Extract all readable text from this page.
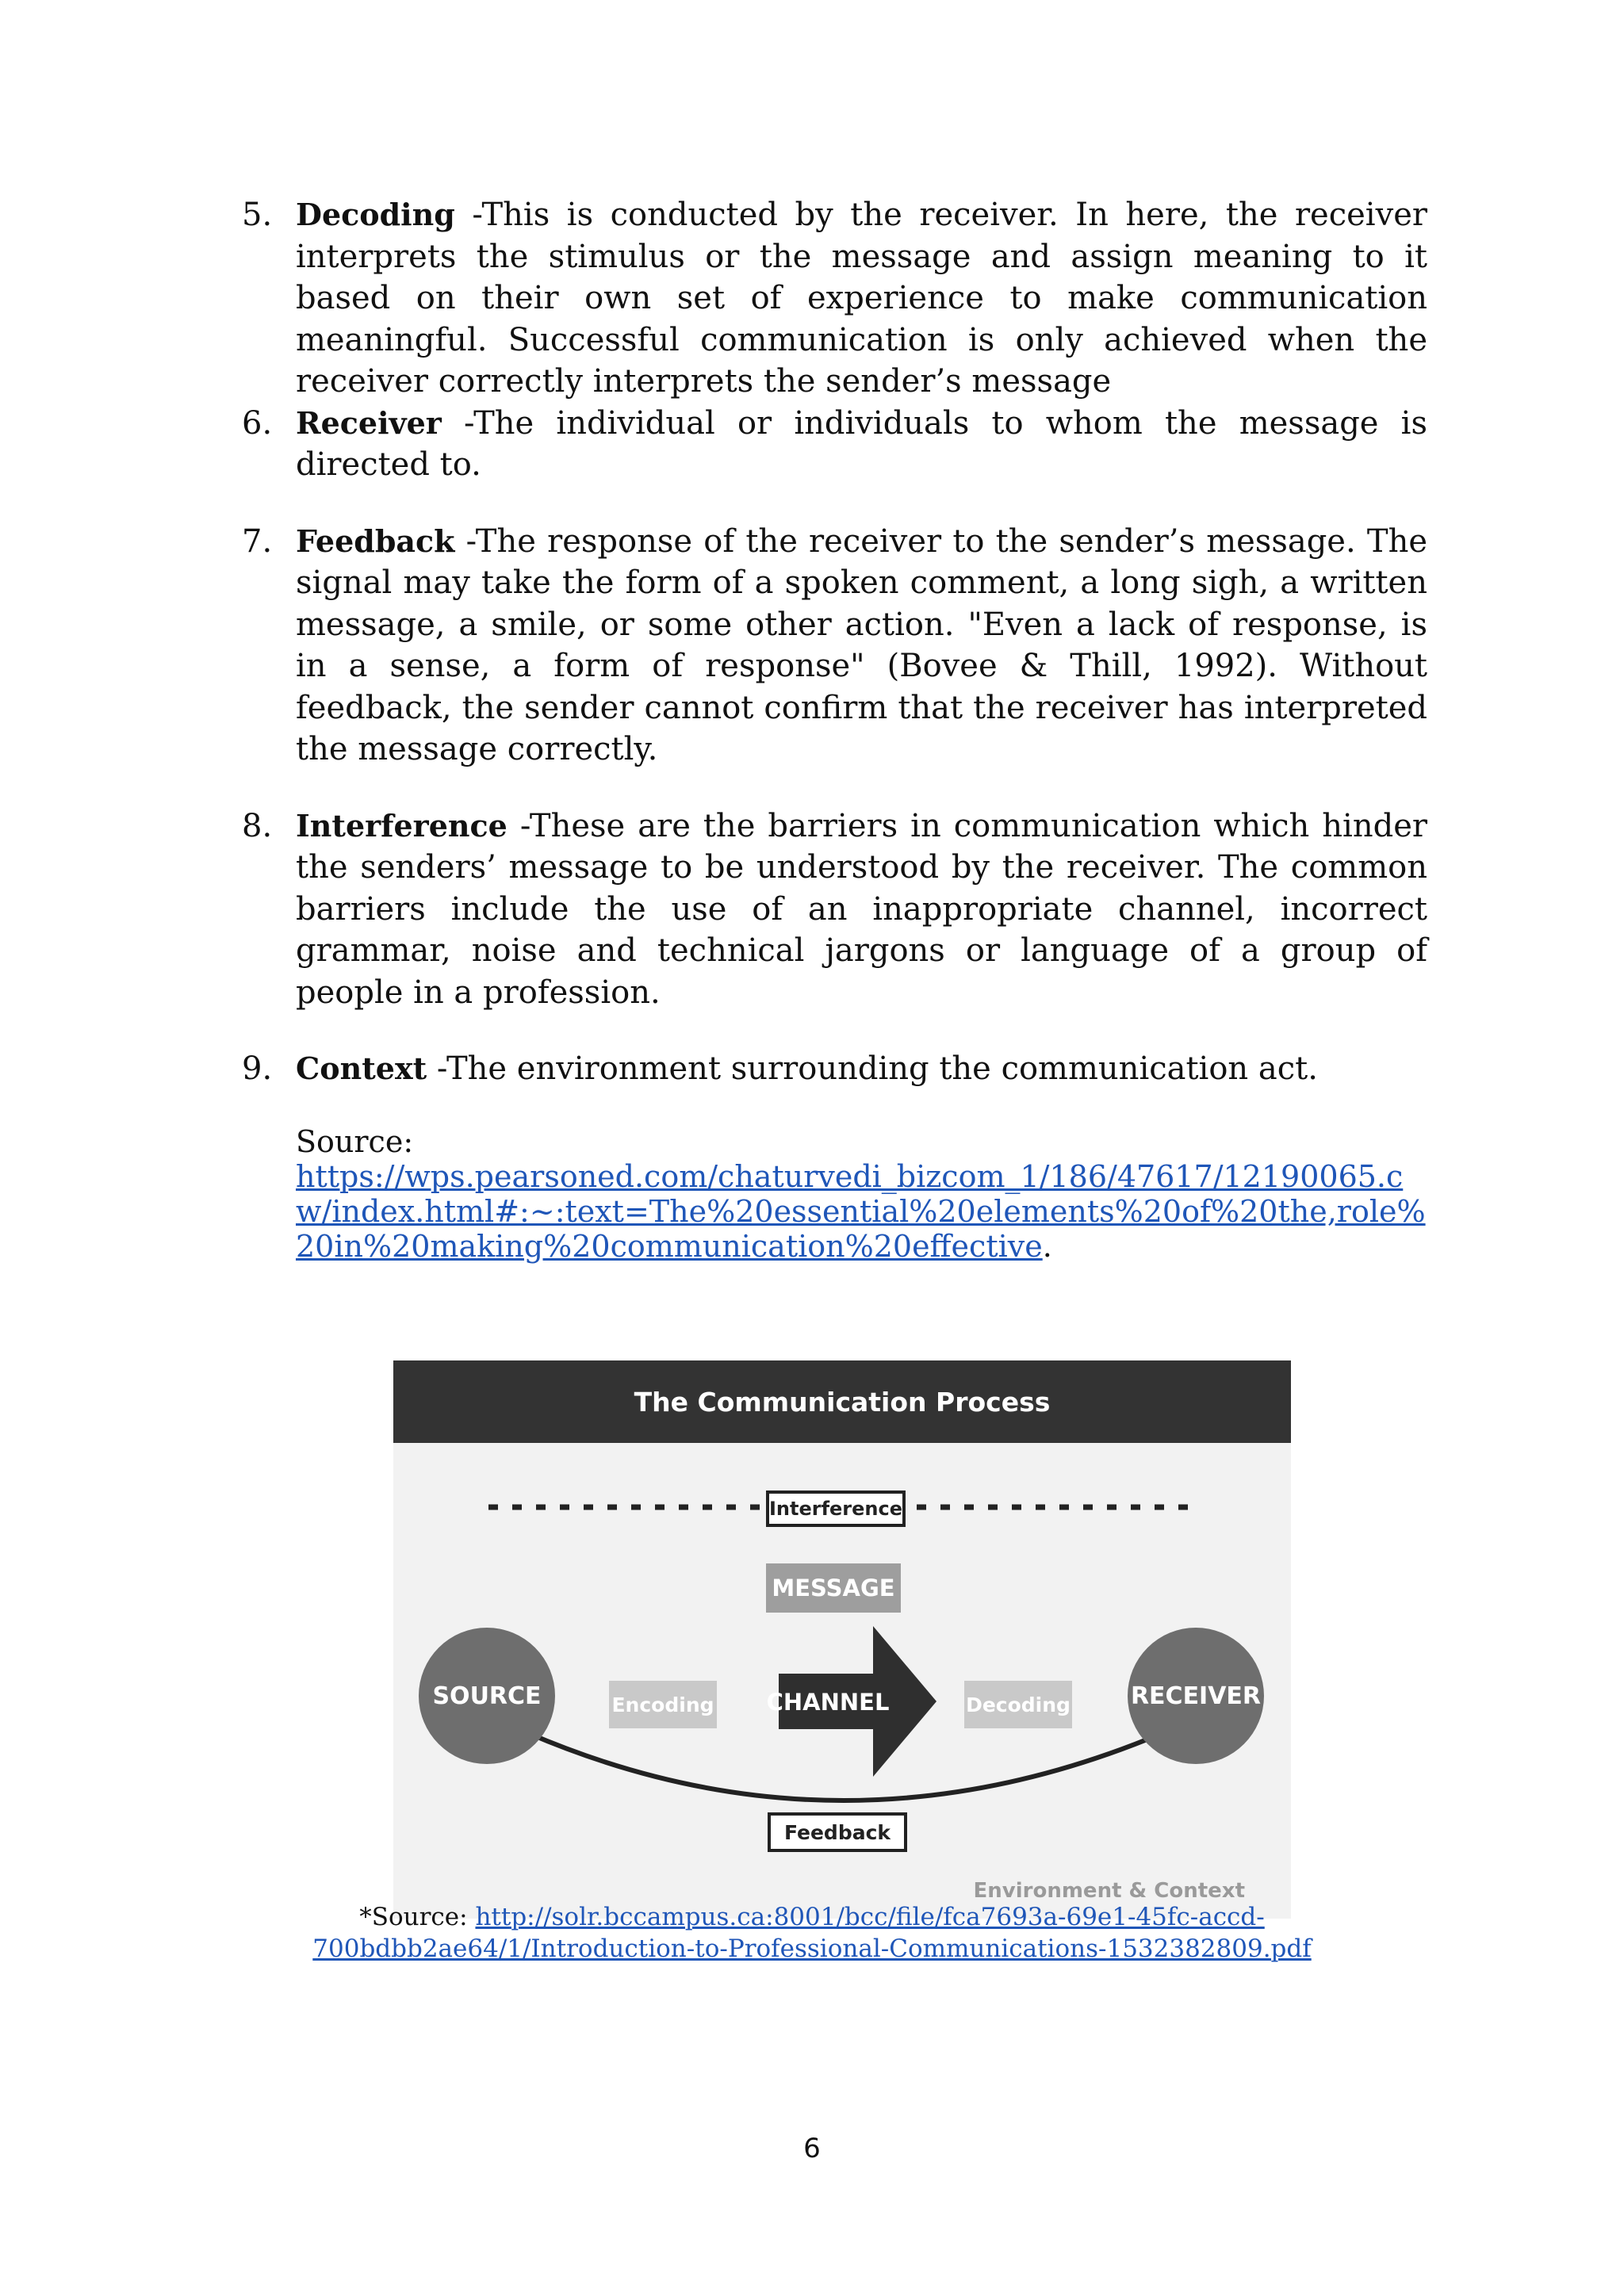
5. Decoding -This is conducted by the receiver. In here, the receiver interprets the stimulus or the message and assign meaning to it based on their own set of experience to make communication meaningful. Successful communication is only achieved when the receiver correctly interprets the sender’s message
6. Receiver -The individual or individuals to whom the message is directed to.
7. Feedback -The response of the receiver to the sender’s message. The signal may take the form of a spoken comment, a long sigh, a written message, a smile, or some other action. "Even a lack of response, is in a sense, a form of response" (Bovee & Thill, 1992). Without feedback, the sender cannot confirm that the receiver has interpreted the message correctly.
8. Interference -These are the barriers in communication which hinder the senders’ message to be understood by the receiver. The common barriers include the use of an inappropriate channel, incorrect grammar, noise and technical jargons or language of a group of people in a profession.
9. Context -The environment surrounding the communication act.
Source:
https://wps.pearsoned.com/chaturvedi_bizcom_1/186/47617/12190065.cw/index.html#:~:text=The%20essential%20elements%20of%20the,role%20in%20making%20communication%20effective.
The Communication Process
Interference
MESSAGE
SOURCE	Encoding CHANNEL	Decoding	RECEIVER
Feedback
Environment & Context
*Source: http://solr.bccampus.ca:8001/bcc/file/fca7693a-69e1-45fc-accd-700bdbb2ae64/1/Introduction-to-Professional-Communications-1532382809.pdf
6
